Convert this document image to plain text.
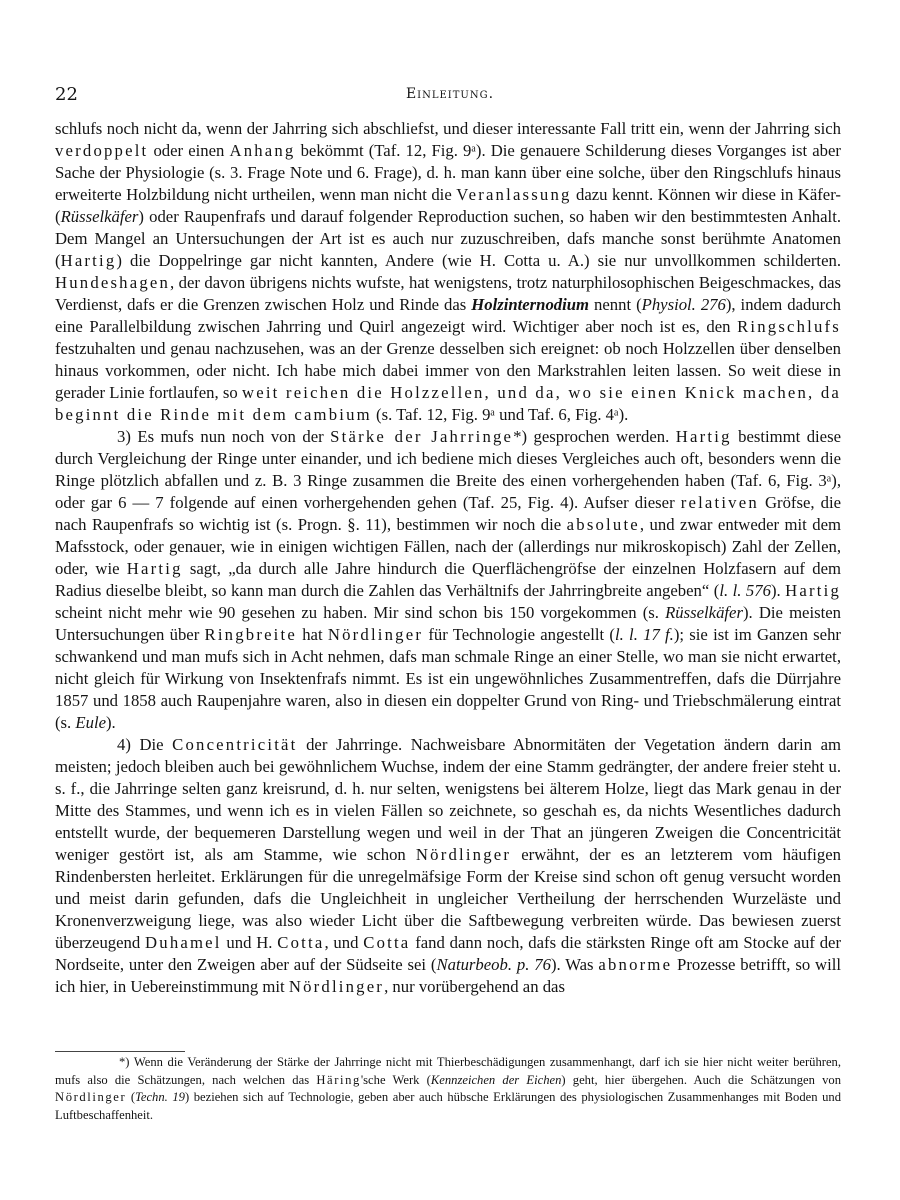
22	Einleitung.

schlufs noch nicht da, wenn der Jahrring sich abschliefst, und dieser interessante Fall tritt ein, wenn der Jahrring sich verdoppelt oder einen Anhang bekömmt (Taf. 12, Fig. 9ᵃ). Die genauere Schilderung dieses Vorganges ist aber Sache der Physiologie (s. 3. Frage Note und 6. Frage), d. h. man kann über eine solche, über den Ringschlufs hinaus erweiterte Holzbildung nicht urtheilen, wenn man nicht die Veranlassung dazu kennt. Können wir diese in Käfer- (Rüsselkäfer) oder Raupenfrafs und darauf folgender Reproduction suchen, so haben wir den bestimmtesten Anhalt. Dem Mangel an Untersuchungen der Art ist es auch nur zuzuschreiben, dafs manche sonst berühmte Anatomen (Hartig) die Doppelringe gar nicht kannten, Andere (wie H. Cotta u. A.) sie nur unvollkommen schilderten. Hundeshagen, der davon übrigens nichts wufste, hat wenigstens, trotz naturphilosophischen Beigeschmackes, das Verdienst, dafs er die Grenzen zwischen Holz und Rinde das Holzinternodium nennt (Physiol. 276), indem dadurch eine Parallelbildung zwischen Jahrring und Quirl angezeigt wird. Wichtiger aber noch ist es, den Ringschlufs festzuhalten und genau nachzusehen, was an der Grenze desselben sich ereignet: ob noch Holzzellen über denselben hinaus vorkommen, oder nicht. Ich habe mich dabei immer von den Markstrahlen leiten lassen. So weit diese in gerader Linie fortlaufen, so weit reichen die Holzzellen, und da, wo sie einen Knick machen, da beginnt die Rinde mit dem cambium (s. Taf. 12, Fig. 9ᵃ und Taf. 6, Fig. 4ᵃ).

3) Es mufs nun noch von der Stärke der Jahrringe*) gesprochen werden. Hartig bestimmt diese durch Vergleichung der Ringe unter einander, und ich bediene mich dieses Vergleiches auch oft, besonders wenn die Ringe plötzlich abfallen und z. B. 3 Ringe zusammen die Breite des einen vorhergehenden haben (Taf. 6, Fig. 3ᵃ), oder gar 6 — 7 folgende auf einen vorhergehenden gehen (Taf. 25, Fig. 4). Aufser dieser relativen Gröfse, die nach Raupenfrafs so wichtig ist (s. Progn. §. 11), bestimmen wir noch die absolute, und zwar entweder mit dem Mafsstock, oder genauer, wie in einigen wichtigen Fällen, nach der (allerdings nur mikroskopisch) Zahl der Zellen, oder, wie Hartig sagt, „da durch alle Jahre hindurch die Querflächengröfse der einzelnen Holzfasern auf dem Radius dieselbe bleibt, so kann man durch die Zahlen das Verhältnifs der Jahrringbreite angeben“ (l. l. 576). Hartig scheint nicht mehr wie 90 gesehen zu haben. Mir sind schon bis 150 vorgekommen (s. Rüsselkäfer). Die meisten Untersuchungen über Ringbreite hat Nördlinger für Technologie angestellt (l. l. 17 f.); sie ist im Ganzen sehr schwankend und man mufs sich in Acht nehmen, dafs man schmale Ringe an einer Stelle, wo man sie nicht erwartet, nicht gleich für Wirkung von Insektenfrafs nimmt. Es ist ein ungewöhnliches Zusammentreffen, dafs die Dürrjahre 1857 und 1858 auch Raupenjahre waren, also in diesen ein doppelter Grund von Ring- und Triebschmälerung eintrat (s. Eule).

4) Die Concentricität der Jahrringe. Nachweisbare Abnormitäten der Vegetation ändern darin am meisten; jedoch bleiben auch bei gewöhnlichem Wuchse, indem der eine Stamm gedrängter, der andere freier steht u. s. f., die Jahrringe selten ganz kreisrund, d. h. nur selten, wenigstens bei älterem Holze, liegt das Mark genau in der Mitte des Stammes, und wenn ich es in vielen Fällen so zeichnete, so geschah es, da nichts Wesentliches dadurch entstellt wurde, der bequemeren Darstellung wegen und weil in der That an jüngeren Zweigen die Concentricität weniger gestört ist, als am Stamme, wie schon Nördlinger erwähnt, der es an letzterem vom häufigen Rindenbersten herleitet. Erklärungen für die unregelmäfsige Form der Kreise sind schon oft genug versucht worden und meist darin gefunden, dafs die Ungleichheit in ungleicher Vertheilung der herrschenden Wurzeläste und Kronenverzweigung liege, was also wieder Licht über die Saftbewegung verbreiten würde. Das bewiesen zuerst überzeugend Duhamel und H. Cotta, und Cotta fand dann noch, dafs die stärksten Ringe oft am Stocke auf der Nordseite, unter den Zweigen aber auf der Südseite sei (Naturbeob. p. 76). Was abnorme Prozesse betrifft, so will ich hier, in Uebereinstimmung mit Nördlinger, nur vorübergehend an das

*) Wenn die Veränderung der Stärke der Jahrringe nicht mit Thierbeschädigungen zusammenhangt, darf ich sie hier nicht weiter berühren, mufs also die Schätzungen, nach welchen das Häring'sche Werk (Kennzeichen der Eichen) geht, hier übergehen. Auch die Schätzungen von Nördlinger (Techn. 19) beziehen sich auf Technologie, geben aber auch hübsche Erklärungen des physiologischen Zusammenhanges mit Boden und Luftbeschaffenheit.
